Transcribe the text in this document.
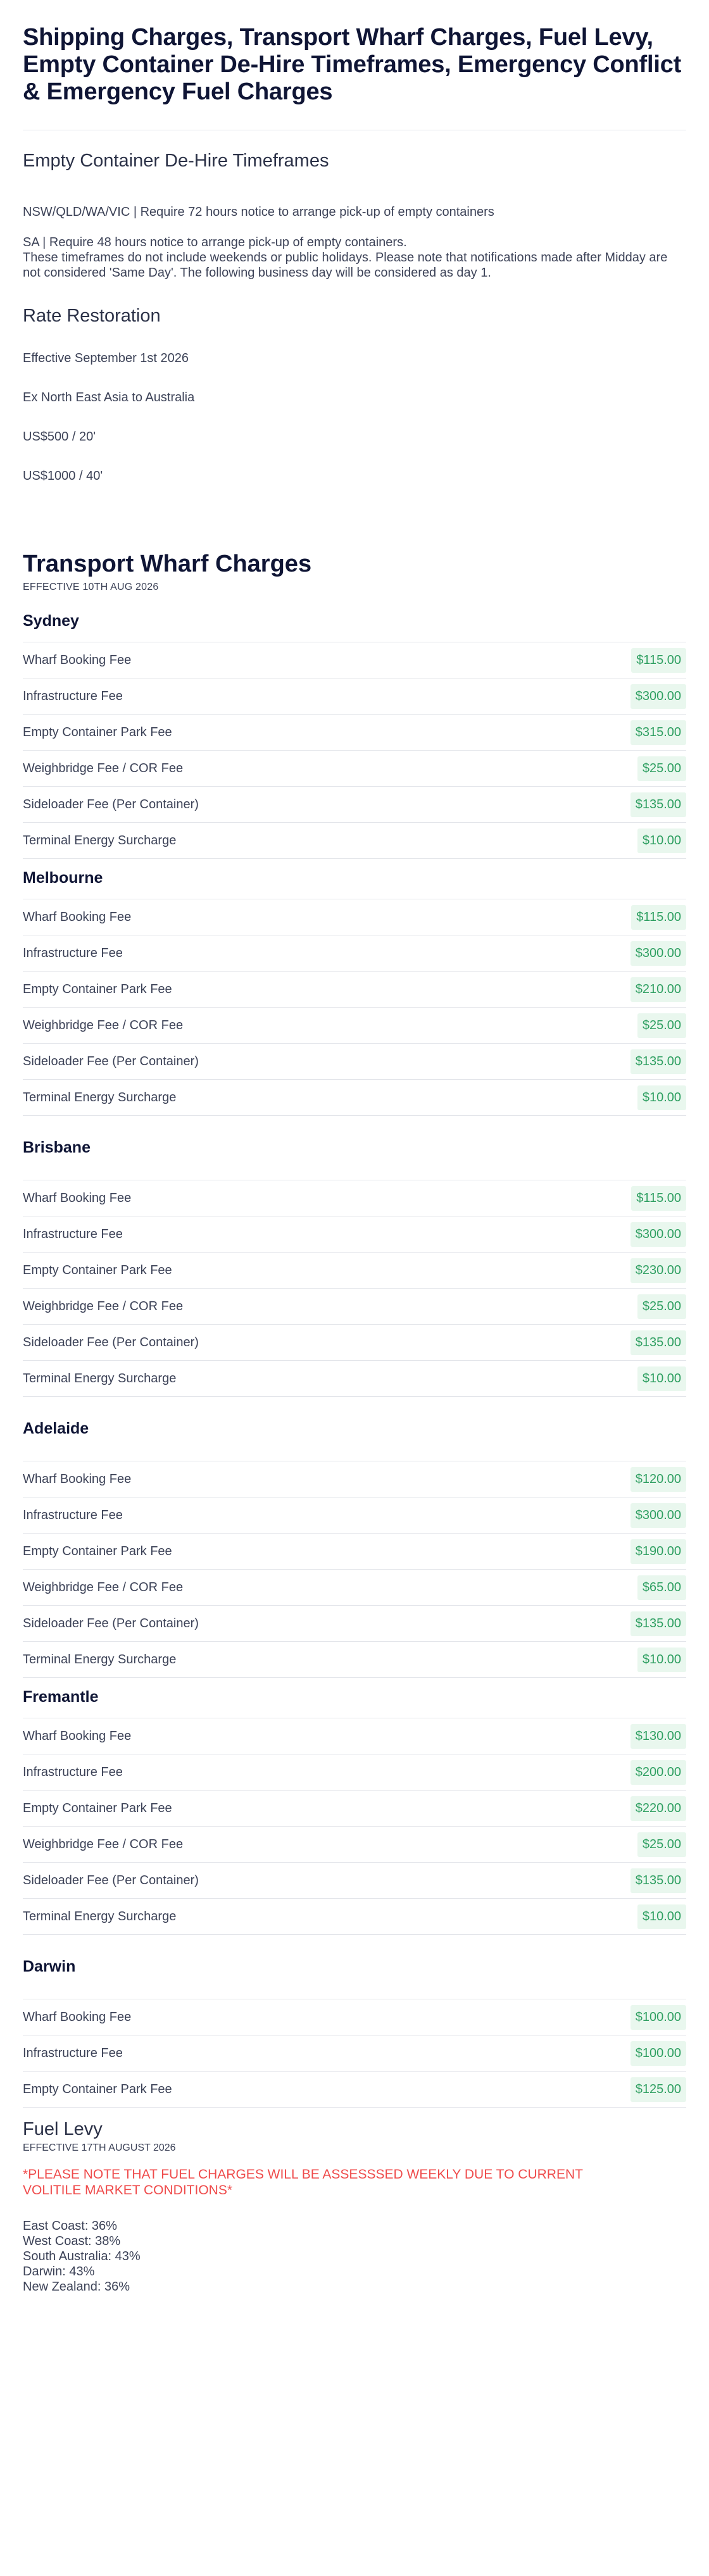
Shipping Charges, Transport Wharf Charges, Fuel Levy, Empty Container De-Hire Timeframes, Emergency Conflict & Emergency Fuel Charges
Empty Container De-Hire Timeframes

NSW/QLD/WA/VIC | Require 72 hours notice to arrange pick-up of empty containers

SA | Require 48 hours notice to arrange pick-up of empty containers.

These timeframes do not include weekends or public holidays. Please note that notifications made after Midday are not considered 'Same Day'. The following business day will be considered as day 1.

Rate Restoration

Effective September 1st 2026

Ex North East Asia to Australia

US$500 / 20'

US$1000 / 40'

Transport Wharf Charges
EFFECTIVE 10TH AUG 2026
Sydney
Wharf Booking Fee	$115.00
Infrastructure Fee	$300.00
Empty Container Park Fee	$315.00
Weighbridge Fee / COR Fee	$25.00
Sideloader Fee (Per Container)	$135.00
Terminal Energy Surcharge	$10.00
Melbourne
Wharf Booking Fee	$115.00
Infrastructure Fee	$300.00
Empty Container Park Fee	$210.00
Weighbridge Fee / COR Fee	$25.00
Sideloader Fee (Per Container)	$135.00
Terminal Energy Surcharge	$10.00
Brisbane
Wharf Booking Fee	$115.00
Infrastructure Fee	$300.00
Empty Container Park Fee	$230.00
Weighbridge Fee / COR Fee	$25.00
Sideloader Fee (Per Container)	$135.00
Terminal Energy Surcharge	$10.00
Adelaide
Wharf Booking Fee	$120.00
Infrastructure Fee	$300.00
Empty Container Park Fee	$190.00
Weighbridge Fee / COR Fee	$65.00
Sideloader Fee (Per Container)	$135.00
Terminal Energy Surcharge	$10.00
Fremantle
Wharf Booking Fee	$130.00
Infrastructure Fee	$200.00
Empty Container Park Fee	$220.00
Weighbridge Fee / COR Fee	$25.00
Sideloader Fee (Per Container)	$135.00
Terminal Energy Surcharge	$10.00
Darwin
Wharf Booking Fee	$100.00
Infrastructure Fee	$100.00
Empty Container Park Fee	$125.00
Fuel Levy
EFFECTIVE 17TH AUGUST 2026
*PLEASE NOTE THAT FUEL CHARGES WILL BE ASSESSSED WEEKLY DUE TO CURRENT VOLITILE MARKET CONDITIONS*
East Coast: 36%
West Coast: 38%
South Australia: 43%
Darwin: 43%
New Zealand: 36%
